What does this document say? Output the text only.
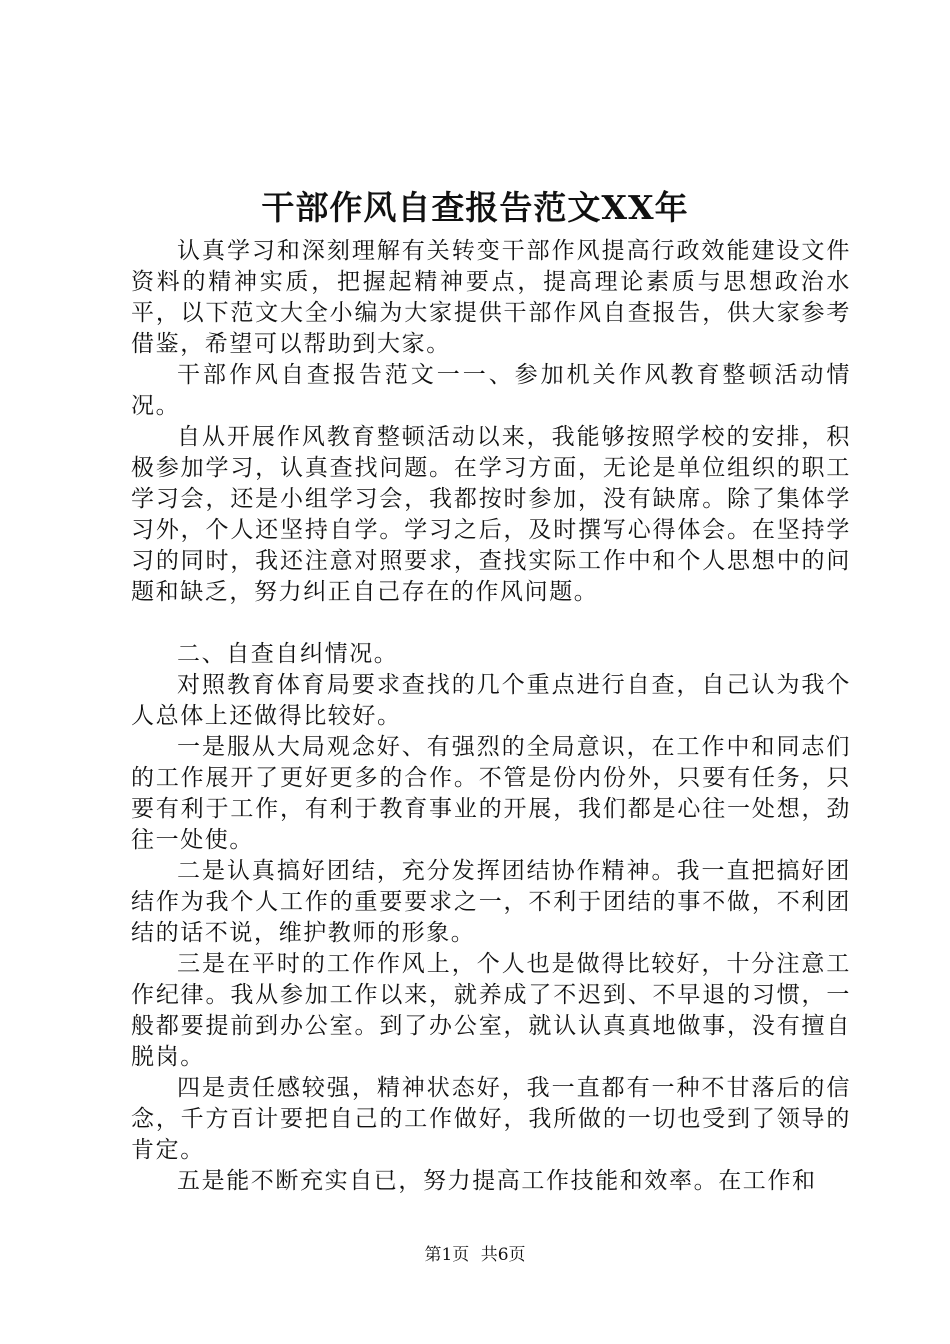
干部作风自查报告范文XX年

认真学习和深刻理解有关转变干部作风提高行政效能建设文件资料的精神实质，把握起精神要点，提高理论素质与思想政治水平，以下范文大全小编为大家提供干部作风自查报告，供大家参考借鉴，希望可以帮助到大家。

干部作风自查报告范文一一、参加机关作风教育整顿活动情况。

自从开展作风教育整顿活动以来，我能够按照学校的安排，积极参加学习，认真查找问题。在学习方面，无论是单位组织的职工学习会，还是小组学习会，我都按时参加，没有缺席。除了集体学习外，个人还坚持自学。学习之后，及时撰写心得体会。在坚持学习的同时，我还注意对照要求，查找实际工作中和个人思想中的问题和缺乏，努力纠正自己存在的作风问题。

二、自查自纠情况。

对照教育体育局要求查找的几个重点进行自查，自己认为我个人总体上还做得比较好。

一是服从大局观念好、有强烈的全局意识，在工作中和同志们的工作展开了更好更多的合作。不管是份内份外，只要有任务，只要有利于工作，有利于教育事业的开展，我们都是心往一处想，劲往一处使。

二是认真搞好团结，充分发挥团结协作精神。我一直把搞好团结作为我个人工作的重要要求之一，不利于团结的事不做，不利团结的话不说，维护教师的形象。

三是在平时的工作作风上，个人也是做得比较好，十分注意工作纪律。我从参加工作以来，就养成了不迟到、不早退的习惯，一般都要提前到办公室。到了办公室，就认认真真地做事，没有擅自脱岗。

四是责任感较强，精神状态好，我一直都有一种不甘落后的信念，千方百计要把自己的工作做好，我所做的一切也受到了领导的肯定。

五是能不断充实自已，努力提高工作技能和效率。在工作和

第1页 共6页
